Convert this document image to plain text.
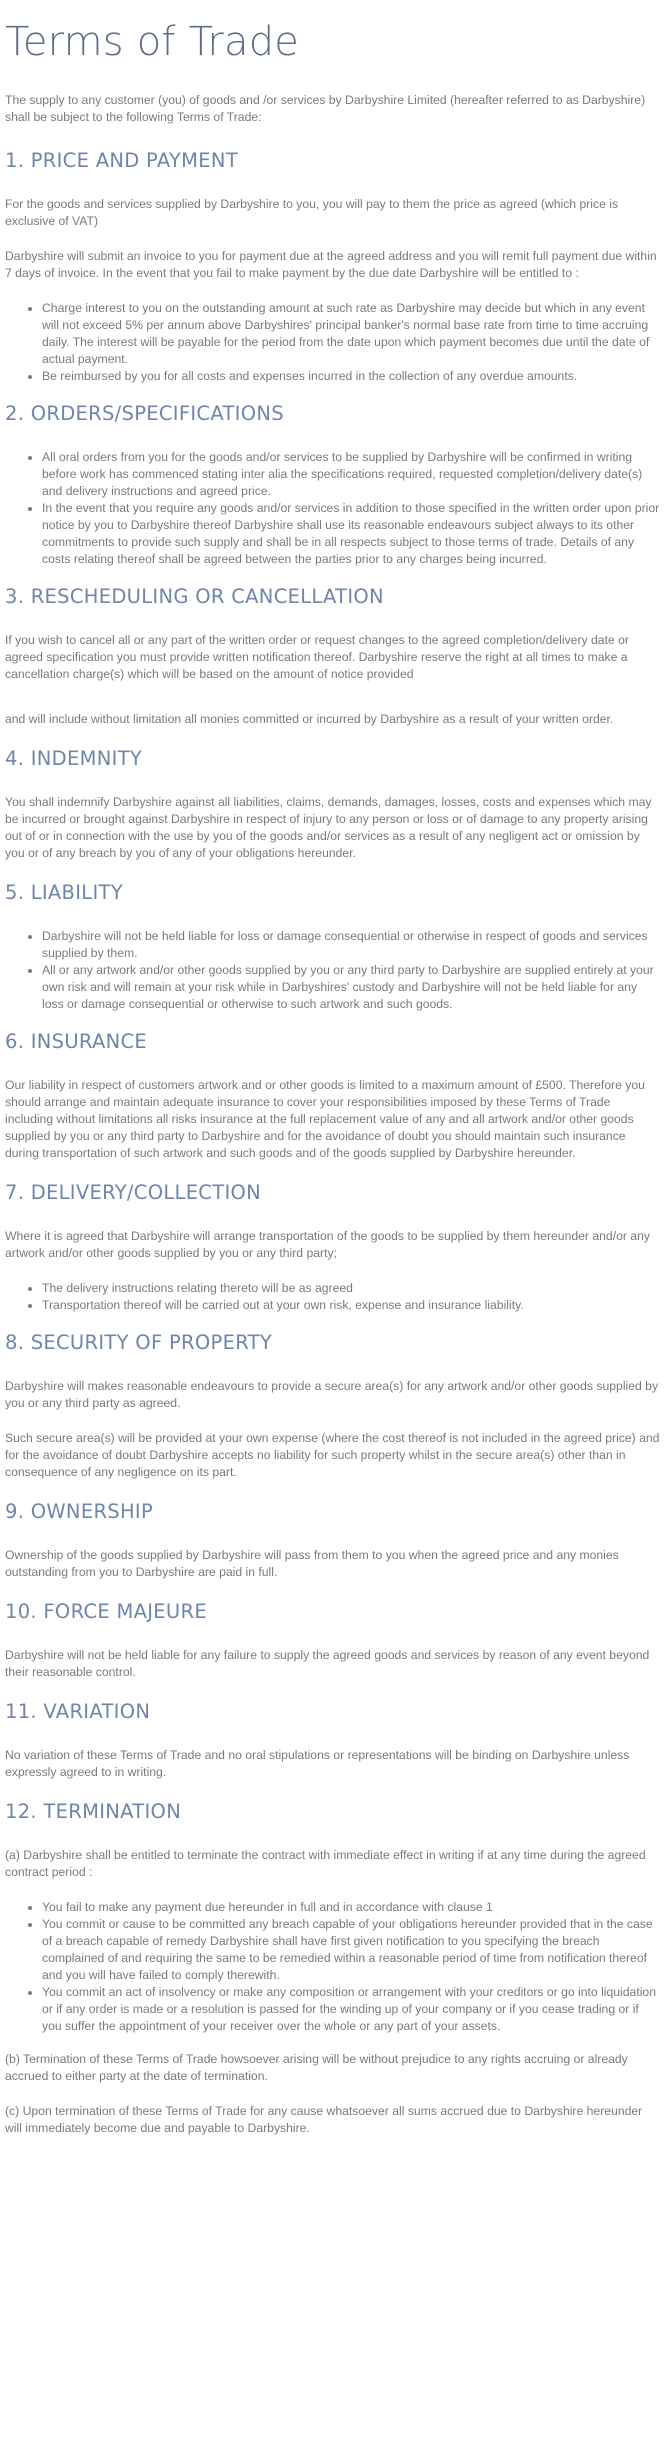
Terms of Trade

The supply to any customer (you) of goods and /or services by Darbyshire Limited (hereafter referred to as Darbyshire) shall be subject to the following Terms of Trade:

1. PRICE AND PAYMENT

For the goods and services supplied by Darbyshire to you, you will pay to them the price as agreed (which price is exclusive of VAT)

Darbyshire will submit an invoice to you for payment due at the agreed address and you will remit full payment due within 7 days of invoice. In the event that you fail to make payment by the due date Darbyshire will be entitled to :

• Charge interest to you on the outstanding amount at such rate as Darbyshire may decide but which in any event will not exceed 5% per annum above Darbyshires' principal banker's normal base rate from time to time accruing daily. The interest will be payable for the period from the date upon which payment becomes due until the date of actual payment.
• Be reimbursed by you for all costs and expenses incurred in the collection of any overdue amounts.
2. ORDERS/SPECIFICATIONS
• All oral orders from you for the goods and/or services to be supplied by Darbyshire will be confirmed in writing before work has commenced stating inter alia the specifications required, requested completion/delivery date(s) and delivery instructions and agreed price.
• In the event that you require any goods and/or services in addition to those specified in the written order upon prior notice by you to Darbyshire thereof Darbyshire shall use its reasonable endeavours subject always to its other commitments to provide such supply and shall be in all respects subject to those terms of trade. Details of any costs relating thereof shall be agreed between the parties prior to any charges being incurred.
3. RESCHEDULING OR CANCELLATION

If you wish to cancel all or any part of the written order or request changes to the agreed completion/delivery date or agreed specification you must provide written notification thereof. Darbyshire reserve the right at all times to make a cancellation charge(s) which will be based on the amount of notice provided

and will include without limitation all monies committed or incurred by Darbyshire as a result of your written order.

4. INDEMNITY

You shall indemnify Darbyshire against all liabilities, claims, demands, damages, losses, costs and expenses which may be incurred or brought against Darbyshire in respect of injury to any person or loss or of damage to any property arising out of or in connection with the use by you of the goods and/or services as a result of any negligent act or omission by you or of any breach by you of any of your obligations hereunder.

5. LIABILITY
• Darbyshire will not be held liable for loss or damage consequential or otherwise in respect of goods and services supplied by them.
• All or any artwork and/or other goods supplied by you or any third party to Darbyshire are supplied entirely at your own risk and will remain at your risk while in Darbyshires' custody and Darbyshire will not be held liable for any loss or damage consequential or otherwise to such artwork and such goods.
6. INSURANCE

Our liability in respect of customers artwork and or other goods is limited to a maximum amount of £500. Therefore you should arrange and maintain adequate insurance to cover your responsibilities imposed by these Terms of Trade including without limitations all risks insurance at the full replacement value of any and all artwork and/or other goods supplied by you or any third party to Darbyshire and for the avoidance of doubt you should maintain such insurance during transportation of such artwork and such goods and of the goods supplied by Darbyshire hereunder.

7. DELIVERY/COLLECTION

Where it is agreed that Darbyshire will arrange transportation of the goods to be supplied by them hereunder and/or any artwork and/or other goods supplied by you or any third party;

• The delivery instructions relating thereto will be as agreed
• Transportation thereof will be carried out at your own risk, expense and insurance liability.
8. SECURITY OF PROPERTY

Darbyshire will makes reasonable endeavours to provide a secure area(s) for any artwork and/or other goods supplied by you or any third party as agreed.

Such secure area(s) will be provided at your own expense (where the cost thereof is not included in the agreed price) and for the avoidance of doubt Darbyshire accepts no liability for such property whilst in the secure area(s) other than in consequence of any negligence on its part.

9. OWNERSHIP

Ownership of the goods supplied by Darbyshire will pass from them to you when the agreed price and any monies outstanding from you to Darbyshire are paid in full.

10. FORCE MAJEURE

Darbyshire will not be held liable for any failure to supply the agreed goods and services by reason of any event beyond their reasonable control.

11. VARIATION

No variation of these Terms of Trade and no oral stipulations or representations will be binding on Darbyshire unless expressly agreed to in writing.

12. TERMINATION

(a) Darbyshire shall be entitled to terminate the contract with immediate effect in writing if at any time during the agreed contract period :

• You fail to make any payment due hereunder in full and in accordance with clause 1
• You commit or cause to be committed any breach capable of your obligations hereunder provided that in the case of a breach capable of remedy Darbyshire shall have first given notification to you specifying the breach complained of and requiring the same to be remedied within a reasonable period of time from notification thereof and you will have failed to comply therewith.
• You commit an act of insolvency or make any composition or arrangement with your creditors or go into liquidation or if any order is made or a resolution is passed for the winding up of your company or if you cease trading or if you suffer the appointment of your receiver over the whole or any part of your assets.

(b) Termination of these Terms of Trade howsoever arising will be without prejudice to any rights accruing or already accrued to either party at the date of termination.

(c) Upon termination of these Terms of Trade for any cause whatsoever all sums accrued due to Darbyshire hereunder will immediately become due and payable to Darbyshire.
